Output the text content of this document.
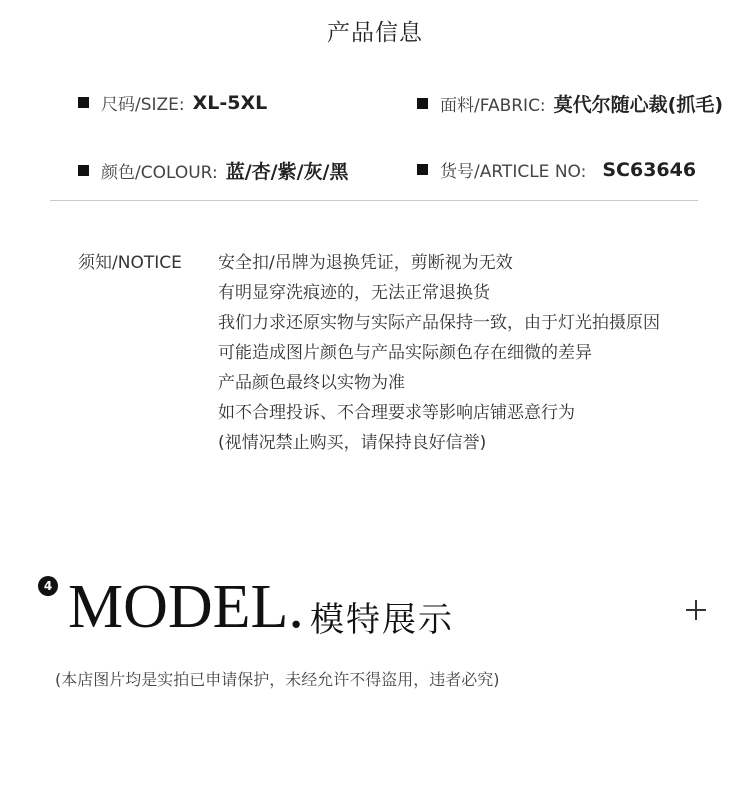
产品信息
尺码/SIZE: XL-5XL	面料/FABRIC: 莫代尔随心裁(抓毛)
颜色/COLOUR: 蓝/杏/紫/灰/黑	货号/ARTICLE NO: SC63646
须知/NOTICE 安全扣/吊牌为退换凭证，剪断视为无效
有明显穿洗痕迹的，无法正常退换货
我们力求还原实物与实际产品保持一致，由于灯光拍摄原因
可能造成图片颜色与产品实际颜色存在细微的差异
产品颜色最终以实物为准
如不合理投诉、不合理要求等影响店铺恶意行为
(视情况禁止购买，请保持良好信誉)
4 MODEL. 模特展示
(本店图片均是实拍已申请保护，未经允许不得盗用，违者必究)
